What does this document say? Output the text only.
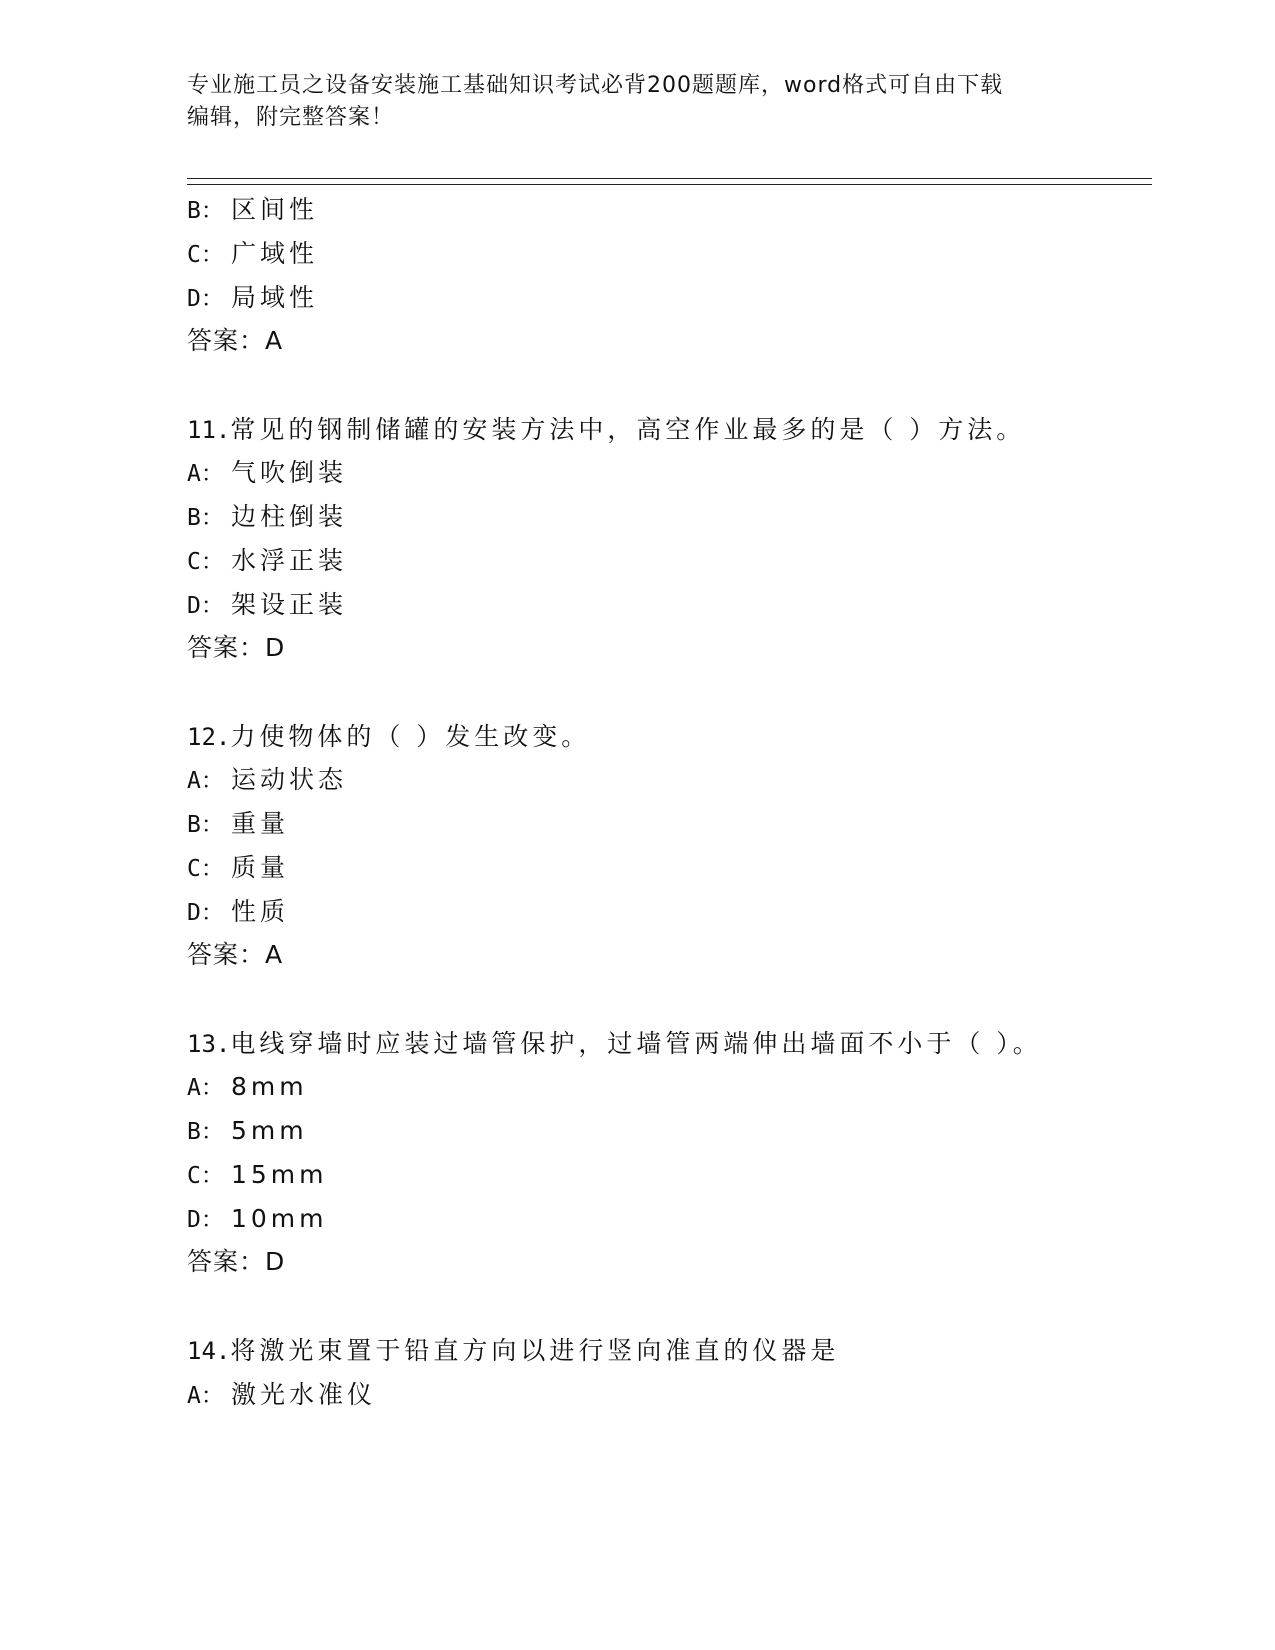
专业施工员之设备安装施工基础知识考试必背200题题库，word格式可自由下载
编辑，附完整答案！
B： 区间性
C： 广域性
D： 局域性
答案：A
11.常见的钢制储罐的安装方法中，高空作业最多的是（ ）方法。
A： 气吹倒装
B： 边柱倒装
C： 水浮正装
D： 架设正装
答案：D
12.力使物体的（ ）发生改变。
A： 运动状态
B： 重量
C： 质量
D： 性质
答案：A
13.电线穿墙时应装过墙管保护，过墙管两端伸出墙面不小于（ ）。
A： 8mm
B： 5mm
C： 15mm
D： 10mm
答案：D
14.将激光束置于铅直方向以进行竖向准直的仪器是
A： 激光水准仪
